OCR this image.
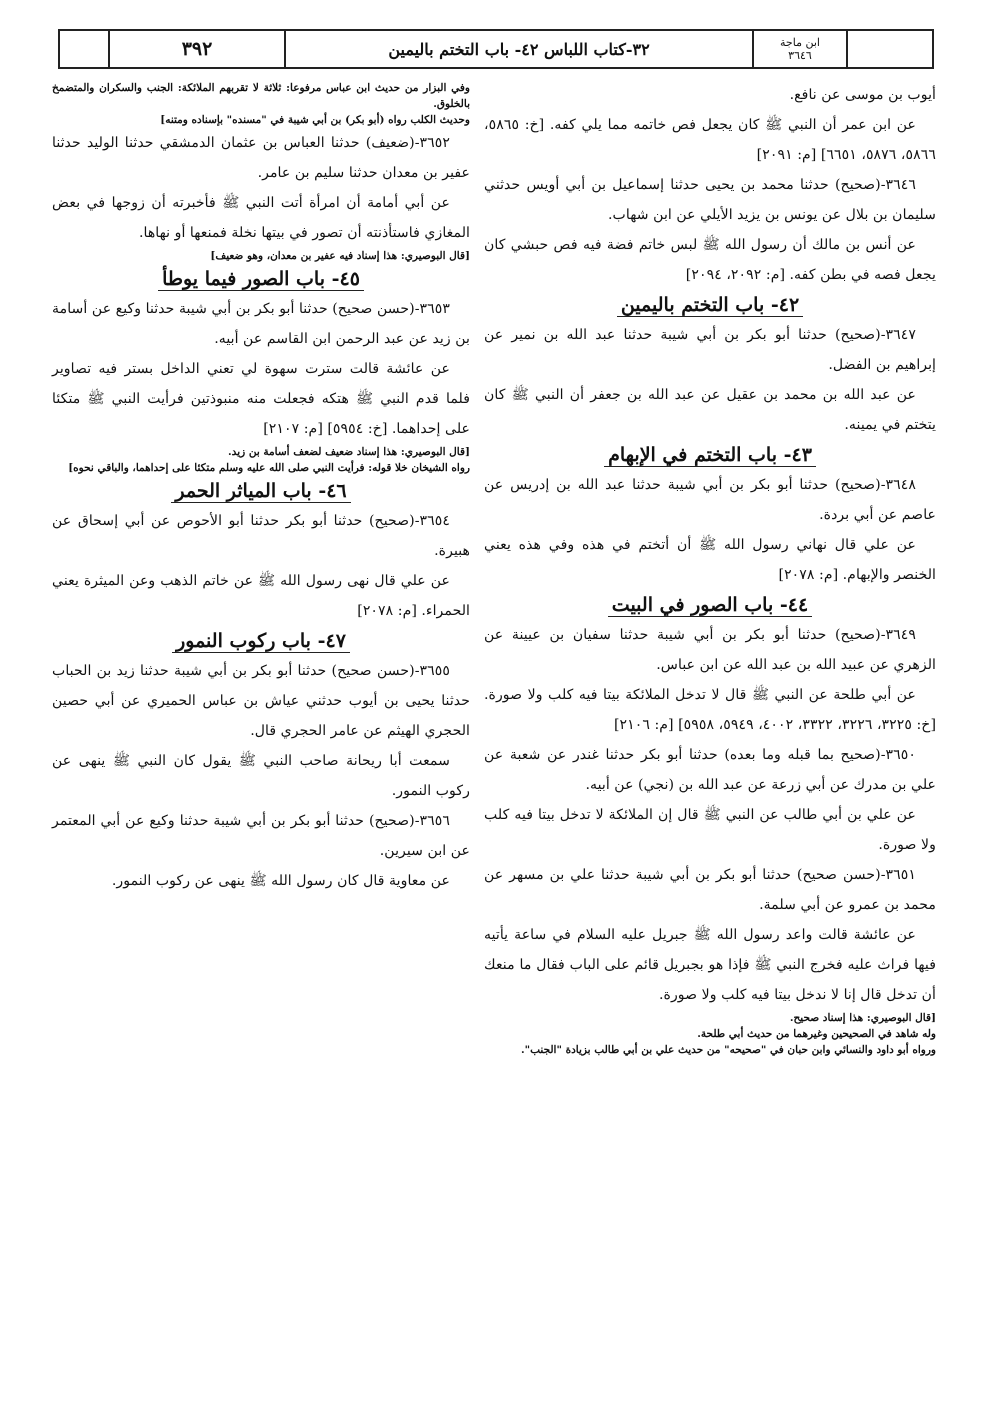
٣٩٢	٣٢-كتاب اللباس ٤٢- باب التختم باليمين	ابن ماجة
٣٦٤٦

أيوب بن موسى عن نافع.

عن ابن عمر أن النبي ﷺ كان يجعل فص خاتمه مما يلي كفه. [خ: ٥٨٦٥، ٥٨٦٦، ٥٨٧٦، ٦٦٥١] [م: ٢٠٩١]

٣٦٤٦-(صحيح) حدثنا محمد بن يحيى حدثنا إسماعيل بن أبي أويس حدثني سليمان بن بلال عن يونس بن يزيد الأيلي عن ابن شهاب.

عن أنس بن مالك أن رسول الله ﷺ لبس خاتم فضة فيه فص حبشي كان يجعل فصه في بطن كفه. [م: ٢٠٩٢، ٢٠٩٤]

٤٢- باب التختم باليمين

٣٦٤٧-(صحيح) حدثنا أبو بكر بن أبي شيبة حدثنا عبد الله بن نمير عن إبراهيم بن الفضل.

عن عبد الله بن محمد بن عقيل عن عبد الله بن جعفر أن النبي ﷺ كان يتختم في يمينه.

٤٣- باب التختم في الإبهام

٣٦٤٨-(صحيح) حدثنا أبو بكر بن أبي شيبة حدثنا عبد الله بن إدريس عن عاصم عن أبي بردة.

عن علي قال نهاني رسول الله ﷺ أن أتختم في هذه وفي هذه يعني الخنصر والإبهام. [م: ٢٠٧٨]

٤٤- باب الصور في البيت

٣٦٤٩-(صحيح) حدثنا أبو بكر بن أبي شيبة حدثنا سفيان بن عيينة عن الزهري عن عبيد الله بن عبد الله عن ابن عباس.

عن أبي طلحة عن النبي ﷺ قال لا تدخل الملائكة بيتا فيه كلب ولا صورة. [خ: ٣٢٢٥، ٣٢٢٦، ٣٣٢٢، ٤٠٠٢، ٥٩٤٩، ٥٩٥٨] [م: ٢١٠٦]

٣٦٥٠-(صحيح بما قبله وما بعده) حدثنا أبو بكر حدثنا غندر عن شعبة عن علي بن مدرك عن أبي زرعة عن عبد الله بن (نجي) عن أبيه.

عن علي بن أبي طالب عن النبي ﷺ قال إن الملائكة لا تدخل بيتا فيه كلب ولا صورة.

٣٦٥١-(حسن صحيح) حدثنا أبو بكر بن أبي شيبة حدثنا علي بن مسهر عن محمد بن عمرو عن أبي سلمة.

عن عائشة قالت واعد رسول الله ﷺ جبريل عليه السلام في ساعة يأتيه فيها فراث عليه فخرج النبي ﷺ فإذا هو بجبريل قائم على الباب فقال ما منعك أن تدخل قال إنا لا ندخل بيتا فيه كلب ولا صورة.

[قال البوصيري: هذا إسناد صحيح.

وله شاهد في الصحيحين وغيرهما من حديث أبي طلحة.

ورواه أبو داود والنسائي وابن حبان في "صحيحه" من حديث علي بن أبي طالب بزيادة "الجنب".

وفي البزار من حديث ابن عباس مرفوعا: ثلاثة لا تقربهم الملائكة: الجنب والسكران والمتضمخ بالخلوق.

وحديث الكلب رواه (أبو بكر) بن أبي شيبة في "مسنده" بإسناده ومتنه]

٣٦٥٢-(ضعيف) حدثنا العباس بن عثمان الدمشقي حدثنا الوليد حدثنا عفير بن معدان حدثنا سليم بن عامر.

عن أبي أمامة أن امرأة أتت النبي ﷺ فأخبرته أن زوجها في بعض المغازي فاستأذنته أن تصور في بيتها نخلة فمنعها أو نهاها.

[قال البوصيري: هذا إسناد فيه عفير بن معدان، وهو ضعيف]

٤٥- باب الصور فيما يوطأ

٣٦٥٣-(حسن صحيح) حدثنا أبو بكر بن أبي شيبة حدثنا وكيع عن أسامة بن زيد عن عبد الرحمن ابن القاسم عن أبيه.

عن عائشة قالت سترت سهوة لي تعني الداخل بستر فيه تصاوير فلما قدم النبي ﷺ هتكه فجعلت منه منبوذتين فرأيت النبي ﷺ متكئا على إحداهما. [خ: ٥٩٥٤] [م: ٢١٠٧]

[قال البوصيري: هذا إسناد ضعيف لضعف أسامة بن زيد.

رواه الشيخان خلا قوله: فرأيت النبي صلى الله عليه وسلم متكئا على إحداهما، والباقي نحوه]

٤٦- باب المياثر الحمر

٣٦٥٤-(صحيح) حدثنا أبو بكر حدثنا أبو الأحوص عن أبي إسحاق عن هبيرة.

عن علي قال نهى رسول الله ﷺ عن خاتم الذهب وعن الميثرة يعني الحمراء. [م: ٢٠٧٨]

٤٧- باب ركوب النمور

٣٦٥٥-(حسن صحيح) حدثنا أبو بكر بن أبي شيبة حدثنا زيد بن الحباب حدثنا يحيى بن أيوب حدثني عياش بن عباس الحميري عن أبي حصين الحجري الهيثم عن عامر الحجري قال.

سمعت أبا ريحانة صاحب النبي ﷺ يقول كان النبي ﷺ ينهى عن ركوب النمور.

٣٦٥٦-(صحيح) حدثنا أبو بكر بن أبي شيبة حدثنا وكيع عن أبي المعتمر عن ابن سيرين.

عن معاوية قال كان رسول الله ﷺ ينهى عن ركوب النمور.
